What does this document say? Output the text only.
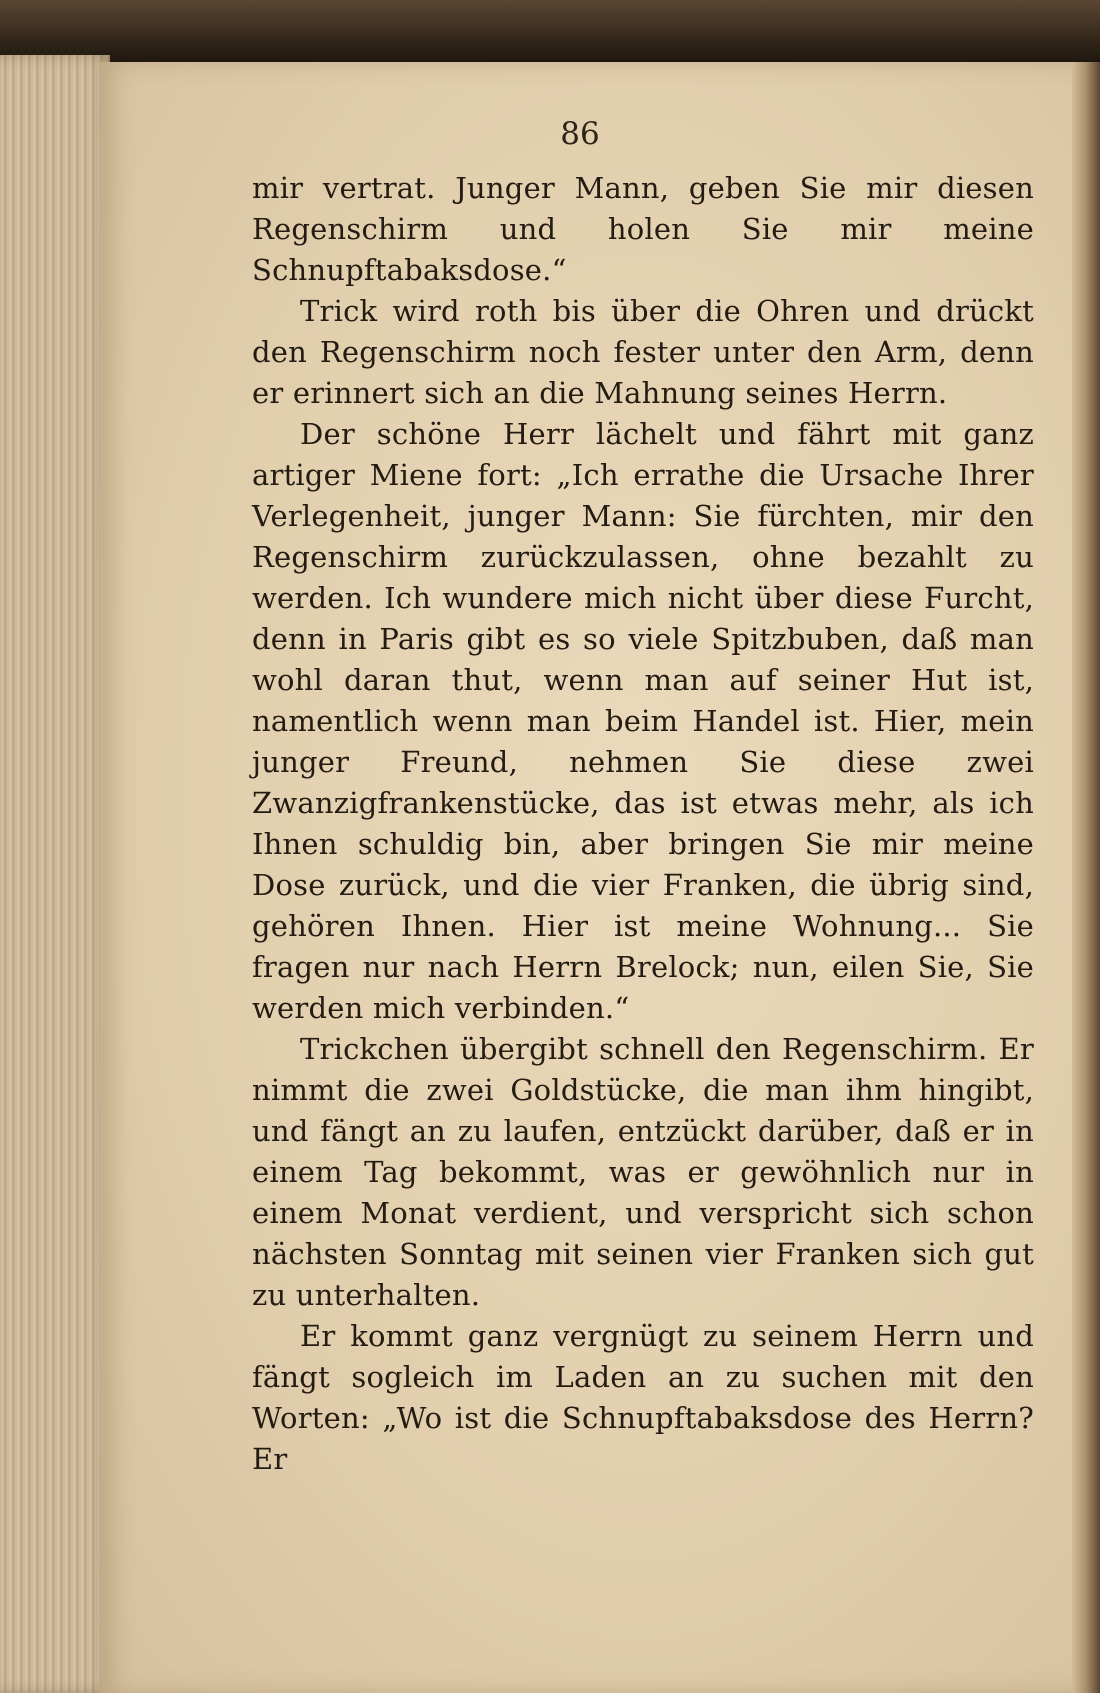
86

mir vertrat. Junger Mann, geben Sie mir diesen Regenschirm und holen Sie mir meine Schnupftabaksdose.“

Trick wird roth bis über die Ohren und drückt den Regenschirm noch fester unter den Arm, denn er erinnert sich an die Mahnung seines Herrn.

Der schöne Herr lächelt und fährt mit ganz artiger Miene fort: „Ich errathe die Ursache Ihrer Verlegenheit, junger Mann: Sie fürchten, mir den Regenschirm zurückzulassen, ohne bezahlt zu werden. Ich wundere mich nicht über diese Furcht, denn in Paris gibt es so viele Spitzbuben, daß man wohl daran thut, wenn man auf seiner Hut ist, namentlich wenn man beim Handel ist. Hier, mein junger Freund, nehmen Sie diese zwei Zwanzigfrankenstücke, das ist etwas mehr, als ich Ihnen schuldig bin, aber bringen Sie mir meine Dose zurück, und die vier Franken, die übrig sind, gehören Ihnen. Hier ist meine Wohnung... Sie fragen nur nach Herrn Brelock; nun, eilen Sie, Sie werden mich verbinden.“

Trickchen übergibt schnell den Regenschirm. Er nimmt die zwei Goldstücke, die man ihm hingibt, und fängt an zu laufen, entzückt darüber, daß er in einem Tag bekommt, was er gewöhnlich nur in einem Monat verdient, und verspricht sich schon nächsten Sonntag mit seinen vier Franken sich gut zu unterhalten.

Er kommt ganz vergnügt zu seinem Herrn und fängt sogleich im Laden an zu suchen mit den Worten: „Wo ist die Schnupftabaksdose des Herrn? Er
